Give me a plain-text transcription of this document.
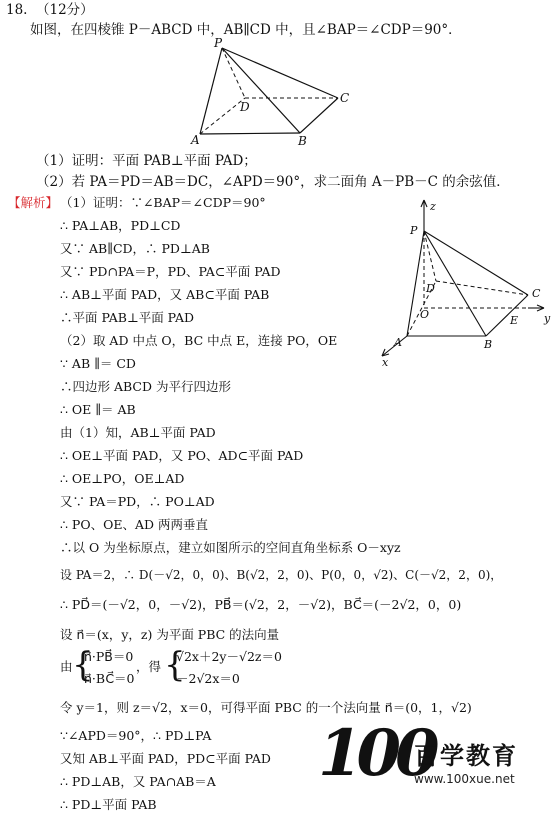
18. （12分）
如图，在四棱锥 P－ABCD 中，AB∥CD 中，且∠BAP＝∠CDP＝90°．
P
D
C
A	B
（1）证明：平面 PAB⊥平面 PAD；
（2）若 PA＝PD＝AB＝DC，∠APD＝90°，求二面角 A－PB－C 的余弦值．
【解析】 （1）证明：∵∠BAP＝∠CDP＝90°
∴ PA⊥AB，PD⊥CD
又∵ AB∥CD，∴ PD⊥AB
又∵ PD∩PA＝P，PD、PA⊂平面 PAD
∴ AB⊥平面 PAD，又 AB⊂平面 PAB
∴平面 PAB⊥平面 PAD
（2）取 AD 中点 O，BC 中点 E，连接 PO，OE
∵ AB ∥＝ CD
∴四边形 ABCD 为平行四边形
∴ OE ∥＝ AB
由（1）知，AB⊥平面 PAD
∴ OE⊥平面 PAD，又 PO、AD⊂平面 PAD
∴ OE⊥PO，OE⊥AD
又∵ PA＝PD，∴ PO⊥AD
∴ PO、OE、AD 两两垂直
∴以 O 为坐标原点，建立如图所示的空间直角坐标系 O－xyz
设 PA＝2，∴ D(－√2，0，0)、B(√2，2，0)、P(0，0，√2)、C(－√2，2，0)，
∴ PD⃗＝(－√2，0，－√2)，PB⃗＝(√2，2，－√2)，BC⃗＝(－2√2，0，0)
设 n⃗＝(x，y，z) 为平面 PBC 的法向量
由 {
n⃗·PB⃗＝0
n⃗·BC⃗＝0
，得 {
√2x＋2y－√2z＝0
－2√2x＝0
令 y＝1，则 z＝√2，x＝0，可得平面 PBC 的一个法向量 n⃗＝(0，1，√2)
∵∠APD＝90°，∴ PD⊥PA
又知 AB⊥平面 PAD，PD⊂平面 PAD
∴ PD⊥AB，又 PA∩AB＝A
∴ PD⊥平面 PAB
z
P
D	C
O	E
A	B
x
y
100
百学教育
www.100xue.net
